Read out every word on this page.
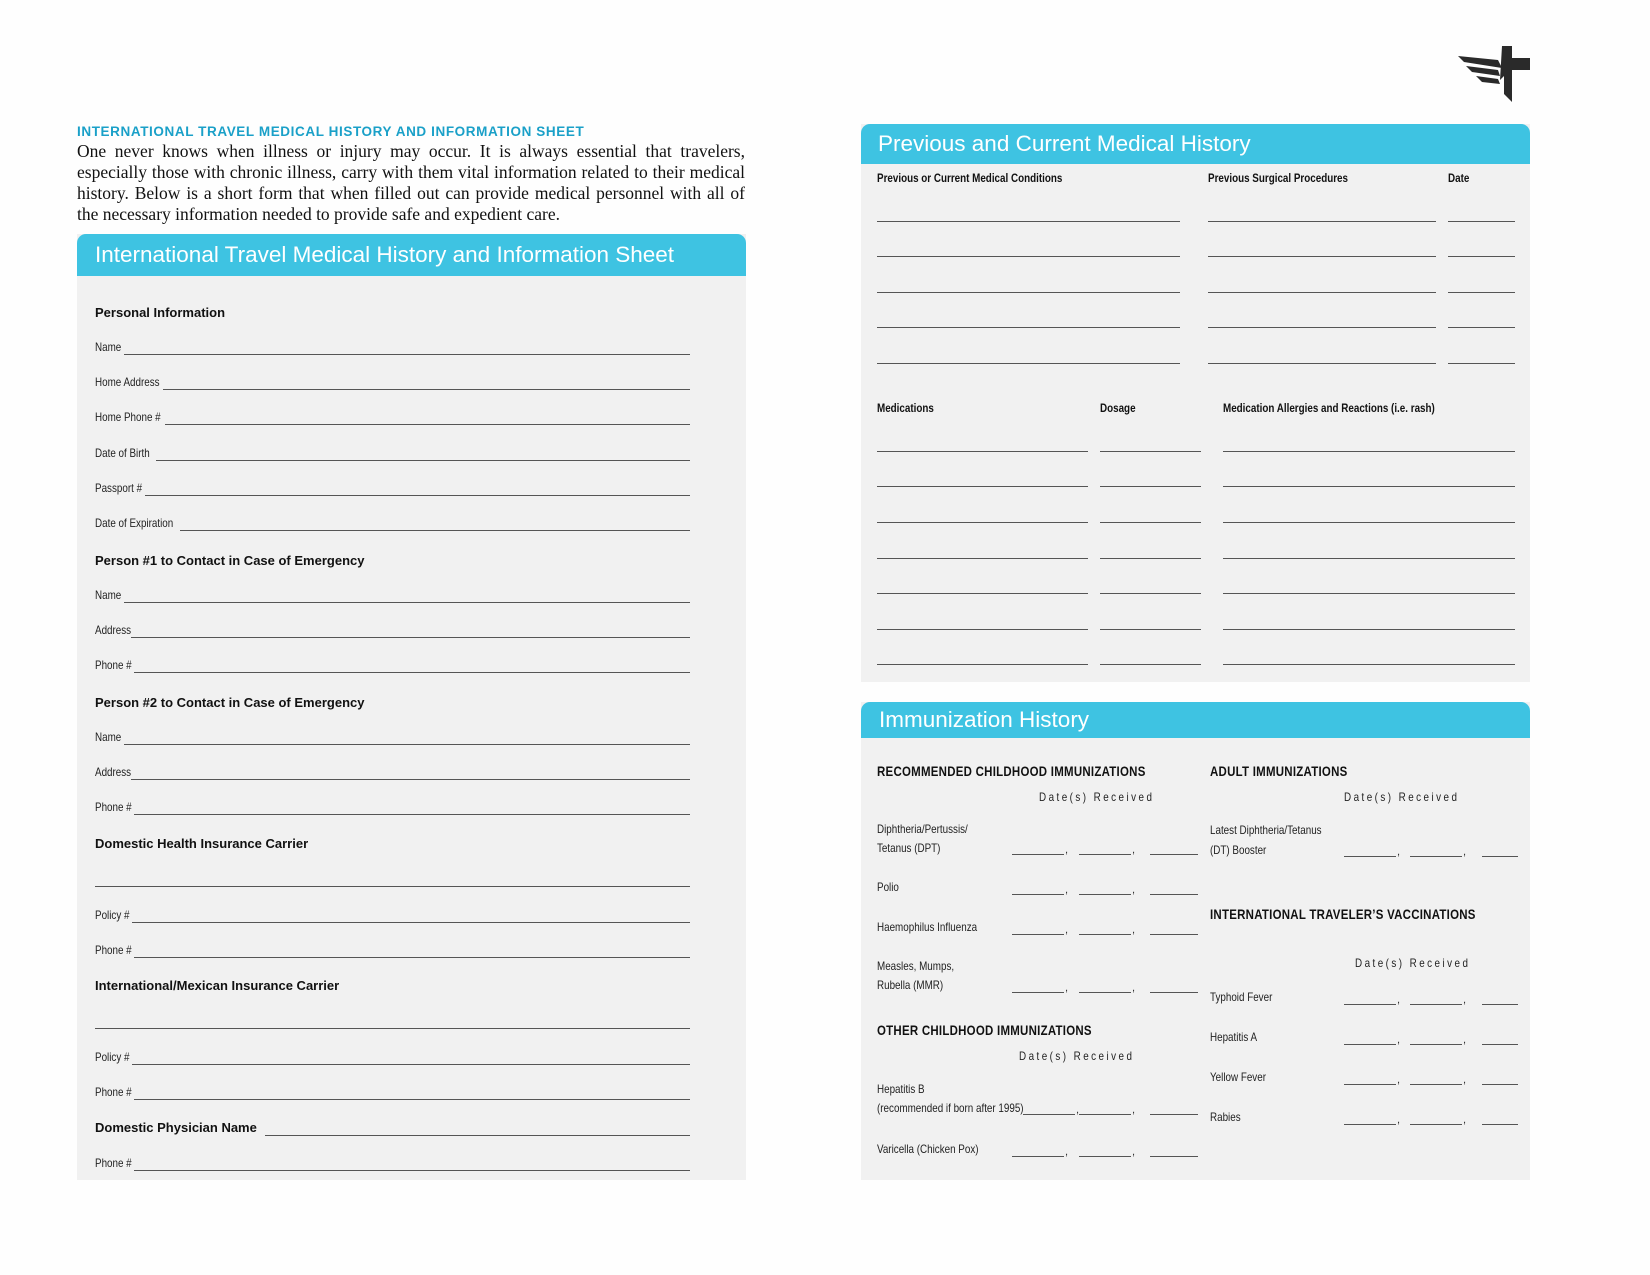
INTERNATIONAL TRAVEL MEDICAL HISTORY AND INFORMATION SHEET
One never knows when illness or injury may occur. It is always essential that travelers, especially those with chronic illness, carry with them vital information related to their medical history. Below is a short form that when filled out can provide medical personnel with all of the necessary information needed to provide safe and expedient care.
International Travel Medical History and Information Sheet
Personal Information
Name
Home Address
Home Phone #
Date of Birth
Passport #
Date of Expiration
Person #1 to Contact in Case of Emergency
Name
Address
Phone #
Person #2 to Contact in Case of Emergency
Name
Address
Phone #
Domestic Health Insurance Carrier
Policy #
Phone #
International/Mexican Insurance Carrier
Policy #
Phone #
Domestic Physician Name
Phone #
Previous and Current Medical History
Previous or Current Medical Conditions	Previous Surgical Procedures	Date
Medications	Dosage	Medication Allergies and Reactions (i.e. rash)
Immunization History
RECOMMENDED CHILDHOOD IMMUNIZATIONS
Date(s) Received
Diphtheria/Pertussis/
Tetanus (DPT)	,	,
Polio	,	,
Haemophilus Influenza	,	,
Measles, Mumps,
Rubella (MMR)	,	,
OTHER CHILDHOOD IMMUNIZATIONS
Date(s) Received
Hepatitis B
(recommended if born after 1995)	,	,
Varicella (Chicken Pox)	,	,
ADULT IMMUNIZATIONS
Date(s) Received
Latest Diphtheria/Tetanus
(DT) Booster	,	,
INTERNATIONAL TRAVELER’S VACCINATIONS
Date(s) Received
Typhoid Fever	,	,
Hepatitis A	,	,
Yellow Fever	,	,
Rabies	,	,
